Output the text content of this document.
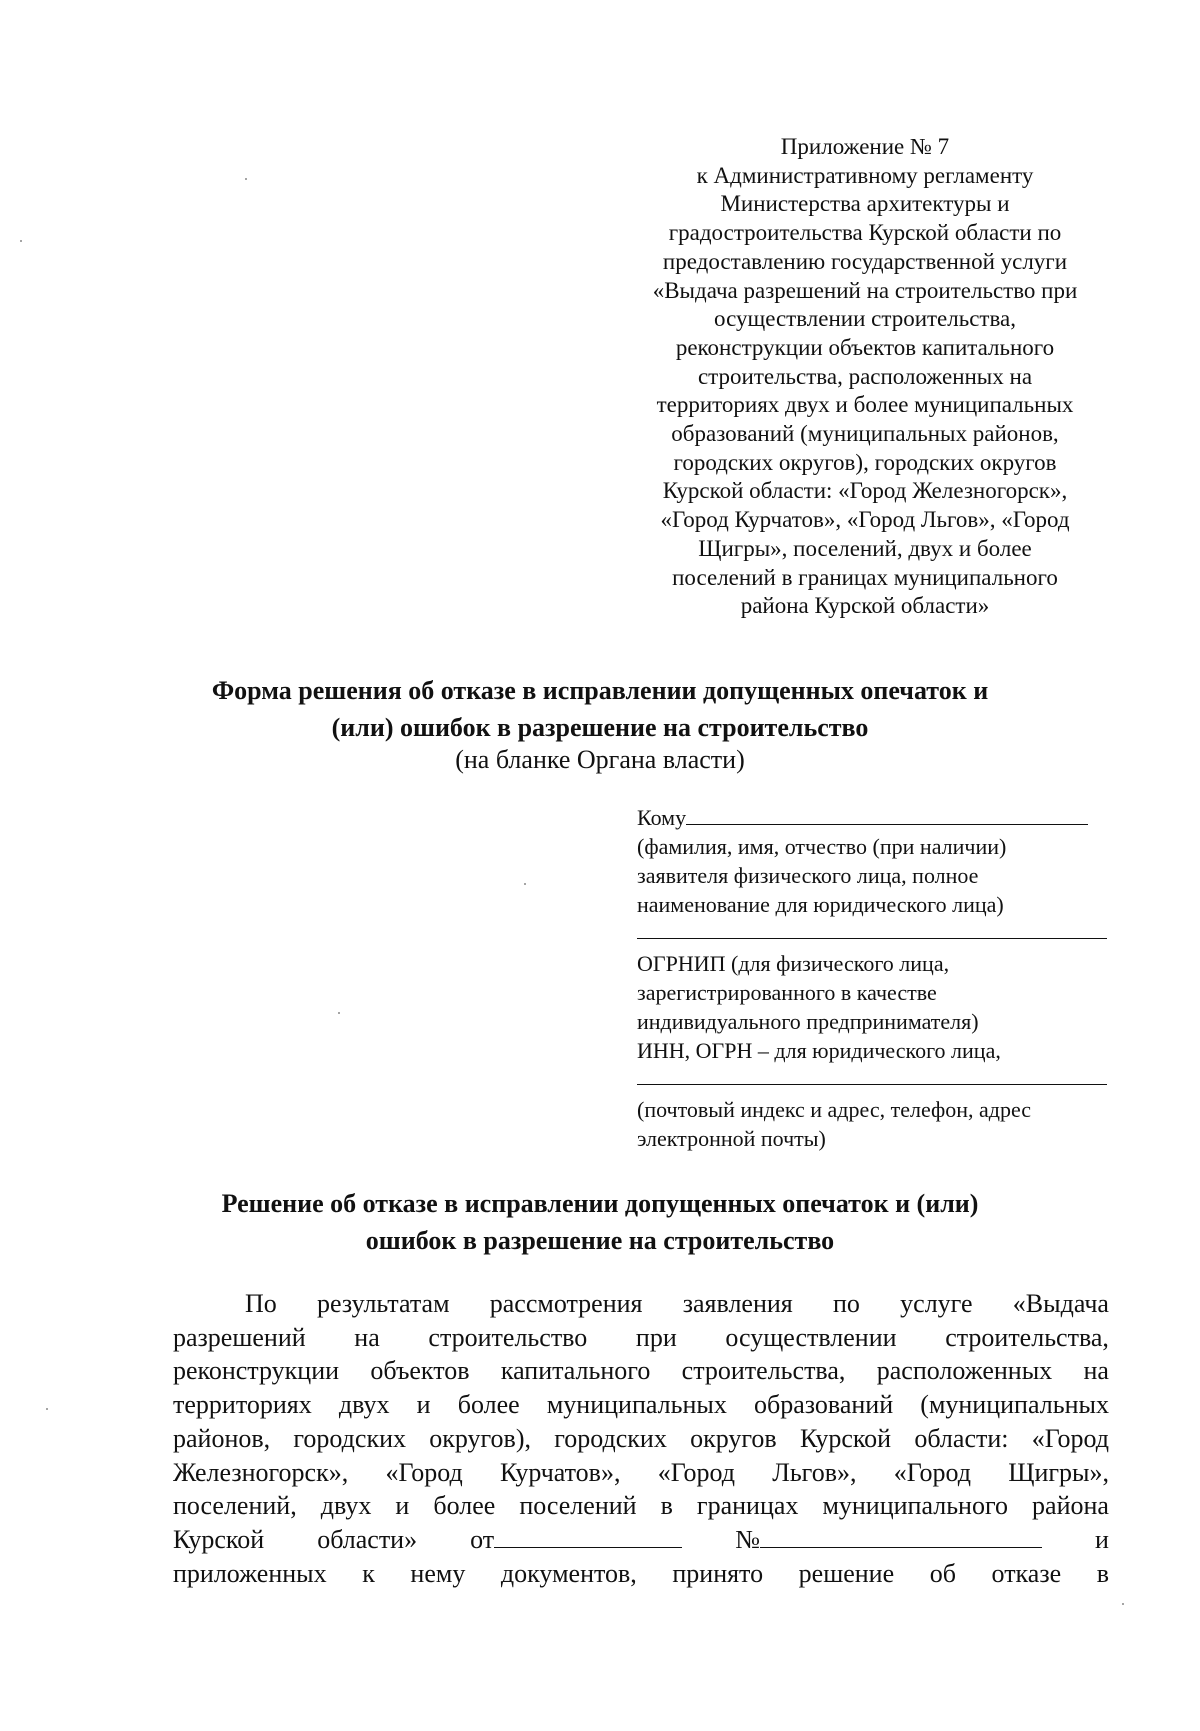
Приложение № 7
к Административному регламенту
Министерства архитектуры и
градостроительства Курской области по
предоставлению государственной услуги
«Выдача разрешений на строительство при
осуществлении строительства,
реконструкции объектов капитального
строительства, расположенных на
территориях двух и более муниципальных
образований (муниципальных районов,
городских округов), городских округов
Курской области: «Город Железногорск»,
«Город Курчатов», «Город Льгов», «Город
Щигры», поселений, двух и более
поселений в границах муниципального
района Курской области»
Форма решения об отказе в исправлении допущенных опечаток и
(или) ошибок в разрешение на строительство
(на бланке Органа власти)
Кому
(фамилия, имя, отчество (при наличии)
заявителя физического лица, полное
наименование для юридического лица)
ОГРНИП (для физического лица,
зарегистрированного в качестве
индивидуального предпринимателя)
ИНН, ОГРН – для юридического лица,
(почтовый индекс и адрес, телефон, адрес
электронной почты)
Решение об отказе в исправлении допущенных опечаток и (или)
ошибок в разрешение на строительство
По результатам рассмотрения заявления по услуге «Выдача
разрешений на строительство при осуществлении строительства,
реконструкции объектов капитального строительства, расположенных на
территориях двух и более муниципальных образований (муниципальных
районов, городских округов), городских округов Курской области: «Город
Железногорск», «Город Курчатов», «Город Льгов», «Город Щигры»,
поселений, двух и более поселений в границах муниципального района
Курской области» от	№	и
приложенных к нему документов, принято решение об отказе в
